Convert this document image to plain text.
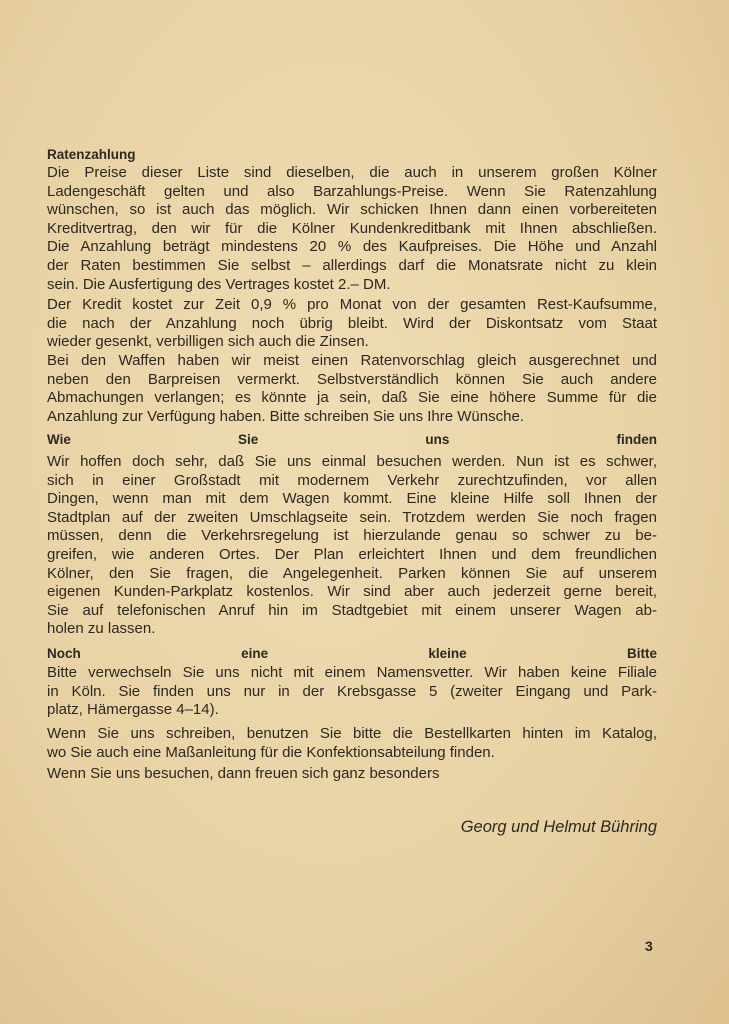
Ratenzahlung
Die Preise dieser Liste sind dieselben, die auch in unserem großen Kölner
Ladengeschäft gelten und also Barzahlungs-Preise. Wenn Sie Ratenzahlung
wünschen, so ist auch das möglich. Wir schicken Ihnen dann einen vorbereiteten
Kreditvertrag, den wir für die Kölner Kundenkreditbank mit Ihnen abschließen.
Die Anzahlung beträgt mindestens 20 % des Kaufpreises. Die Höhe und Anzahl
der Raten bestimmen Sie selbst – allerdings darf die Monatsrate nicht zu klein
sein. Die Ausfertigung des Vertrages kostet 2.– DM.
Der Kredit kostet zur Zeit 0,9 % pro Monat von der gesamten Rest-Kaufsumme,
die nach der Anzahlung noch übrig bleibt. Wird der Diskontsatz vom Staat
wieder gesenkt, verbilligen sich auch die Zinsen.
Bei den Waffen haben wir meist einen Ratenvorschlag gleich ausgerechnet und
neben den Barpreisen vermerkt. Selbstverständlich können Sie auch andere
Abmachungen verlangen; es könnte ja sein, daß Sie eine höhere Summe für die
Anzahlung zur Verfügung haben. Bitte schreiben Sie uns Ihre Wünsche.
Wie Sie uns finden
Wir hoffen doch sehr, daß Sie uns einmal besuchen werden. Nun ist es schwer,
sich in einer Großstadt mit modernem Verkehr zurechtzufinden, vor allen
Dingen, wenn man mit dem Wagen kommt. Eine kleine Hilfe soll Ihnen der
Stadtplan auf der zweiten Umschlagseite sein. Trotzdem werden Sie noch fragen
müssen, denn die Verkehrsregelung ist hierzulande genau so schwer zu be-
greifen, wie anderen Ortes. Der Plan erleichtert Ihnen und dem freundlichen
Kölner, den Sie fragen, die Angelegenheit. Parken können Sie auf unserem
eigenen Kunden-Parkplatz kostenlos. Wir sind aber auch jederzeit gerne bereit,
Sie auf telefonischen Anruf hin im Stadtgebiet mit einem unserer Wagen ab-
holen zu lassen.
Noch eine kleine Bitte
Bitte verwechseln Sie uns nicht mit einem Namensvetter. Wir haben keine Filiale
in Köln. Sie finden uns nur in der Krebsgasse 5 (zweiter Eingang und Park-
platz, Hämergasse 4–14).
Wenn Sie uns schreiben, benutzen Sie bitte die Bestellkarten hinten im Katalog,
wo Sie auch eine Maßanleitung für die Konfektionsabteilung finden.
Wenn Sie uns besuchen, dann freuen sich ganz besonders
Georg und Helmut Bühring
3
